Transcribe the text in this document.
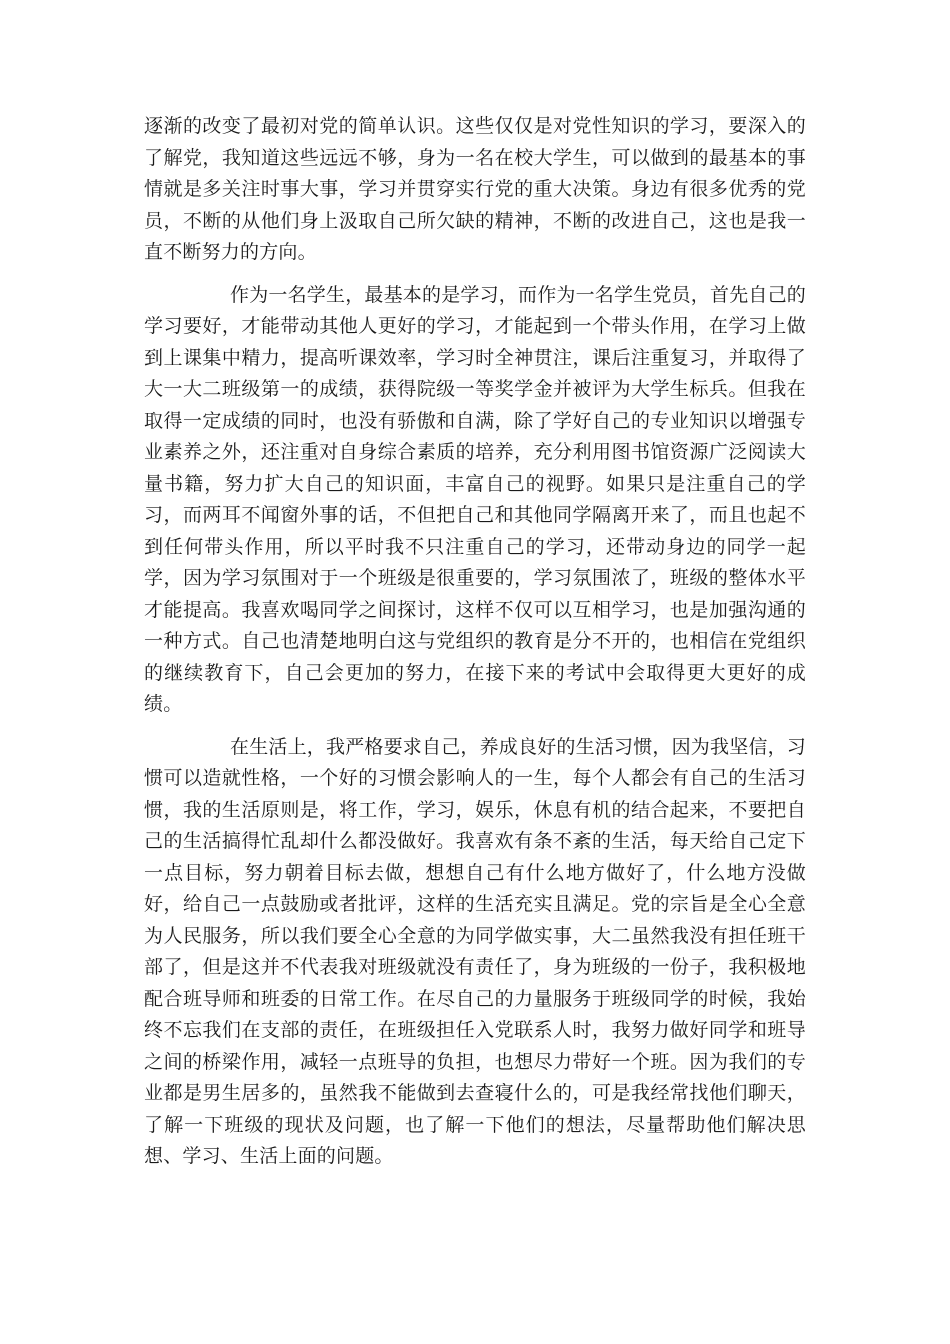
逐渐的改变了最初对党的简单认识。这些仅仅是对党性知识的学习，要深入的了解党，我知道这些远远不够，身为一名在校大学生，可以做到的最基本的事情就是多关注时事大事，学习并贯穿实行党的重大决策。身边有很多优秀的党员，不断的从他们身上汲取自己所欠缺的精神，不断的改进自己，这也是我一直不断努力的方向。

作为一名学生，最基本的是学习，而作为一名学生党员，首先自己的学习要好，才能带动其他人更好的学习，才能起到一个带头作用，在学习上做到上课集中精力，提高听课效率，学习时全神贯注，课后注重复习，并取得了大一大二班级第一的成绩，获得院级一等奖学金并被评为大学生标兵。但我在取得一定成绩的同时，也没有骄傲和自满，除了学好自己的专业知识以增强专业素养之外，还注重对自身综合素质的培养，充分利用图书馆资源广泛阅读大量书籍，努力扩大自己的知识面，丰富自己的视野。如果只是注重自己的学习，而两耳不闻窗外事的话，不但把自己和其他同学隔离开来了，而且也起不到任何带头作用，所以平时我不只注重自己的学习，还带动身边的同学一起学，因为学习氛围对于一个班级是很重要的，学习氛围浓了，班级的整体水平才能提高。我喜欢喝同学之间探讨，这样不仅可以互相学习，也是加强沟通的一种方式。自己也清楚地明白这与党组织的教育是分不开的，也相信在党组织的继续教育下，自己会更加的努力，在接下来的考试中会取得更大更好的成绩。

在生活上，我严格要求自己，养成良好的生活习惯，因为我坚信，习惯可以造就性格，一个好的习惯会影响人的一生，每个人都会有自己的生活习惯，我的生活原则是，将工作，学习，娱乐，休息有机的结合起来，不要把自己的生活搞得忙乱却什么都没做好。我喜欢有条不紊的生活，每天给自己定下一点目标，努力朝着目标去做，想想自己有什么地方做好了，什么地方没做好，给自己一点鼓励或者批评，这样的生活充实且满足。党的宗旨是全心全意为人民服务，所以我们要全心全意的为同学做实事，大二虽然我没有担任班干部了，但是这并不代表我对班级就没有责任了，身为班级的一份子，我积极地配合班导师和班委的日常工作。在尽自己的力量服务于班级同学的时候，我始终不忘我们在支部的责任，在班级担任入党联系人时，我努力做好同学和班导之间的桥梁作用，减轻一点班导的负担，也想尽力带好一个班。因为我们的专业都是男生居多的，虽然我不能做到去查寝什么的，可是我经常找他们聊天，了解一下班级的现状及问题，也了解一下他们的想法，尽量帮助他们解决思想、学习、生活上面的问题。
